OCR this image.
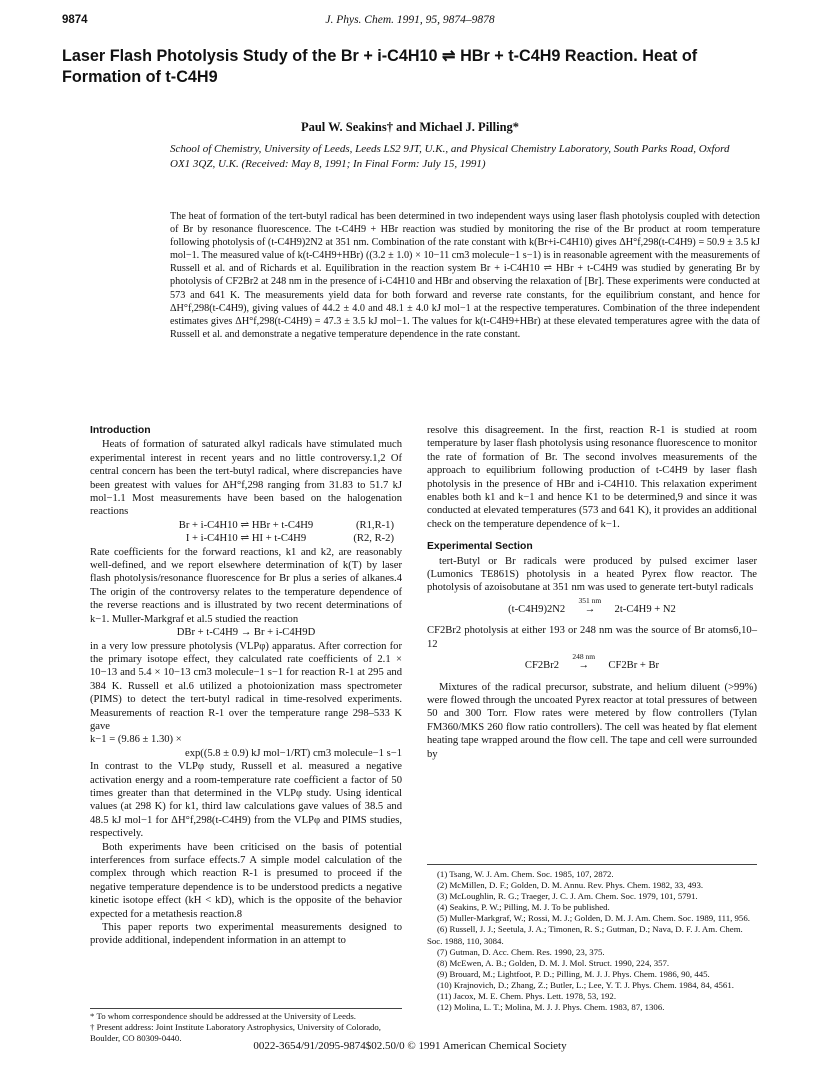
9874	J. Phys. Chem. 1991, 95, 9874–9878
Laser Flash Photolysis Study of the Br + i-C4H10 ⇌ HBr + t-C4H9 Reaction. Heat of Formation of t-C4H9
Paul W. Seakins† and Michael J. Pilling*
School of Chemistry, University of Leeds, Leeds LS2 9JT, U.K., and Physical Chemistry Laboratory, South Parks Road, Oxford OX1 3QZ, U.K. (Received: May 8, 1991; In Final Form: July 15, 1991)
The heat of formation of the tert-butyl radical has been determined in two independent ways using laser flash photolysis coupled with detection of Br by resonance fluorescence. The t-C4H9 + HBr reaction was studied by monitoring the rise of the Br product at room temperature following photolysis of (t-C4H9)2N2 at 351 nm. Combination of the rate constant with k(Br+i-C4H10) gives ΔH°f,298(t-C4H9) = 50.9 ± 3.5 kJ mol−1. The measured value of k(t-C4H9+HBr) ((3.2 ± 1.0) × 10−11 cm3 molecule−1 s−1) is in reasonable agreement with the measurements of Russell et al. and of Richards et al. Equilibration in the reaction system Br + i-C4H10 ⇌ HBr + t-C4H9 was studied by generating Br by photolysis of CF2Br2 at 248 nm in the presence of i-C4H10 and HBr and observing the relaxation of [Br]. These experiments were conducted at 573 and 641 K. The measurements yield data for both forward and reverse rate constants, for the equilibrium constant, and hence for ΔH°f,298(t-C4H9), giving values of 44.2 ± 4.0 and 48.1 ± 4.0 kJ mol−1 at the respective temperatures. Combination of the three independent estimates gives ΔH°f,298(t-C4H9) = 47.3 ± 3.5 kJ mol−1. The values for k(t-C4H9+HBr) at these elevated temperatures agree with the data of Russell et al. and demonstrate a negative temperature dependence in the rate constant.
Introduction

Heats of formation of saturated alkyl radicals have stimulated much experimental interest in recent years and no little controversy.1,2 Of central concern has been the tert-butyl radical, where discrepancies have been greatest with values for ΔH°f,298 ranging from 31.83 to 51.7 kJ mol−1.1 Most measurements have been based on the halogenation reactions

Br + i-C4H10 ⇌ HBr + t-C4H9	(R1,R-1)
I + i-C4H10 ⇌ HI + t-C4H9	(R2, R-2)

Rate coefficients for the forward reactions, k1 and k2, are reasonably well-defined, and we report elsewhere determination of k(T) by laser flash photolysis/resonance fluorescence for Br plus a series of alkanes.4 The origin of the controversy relates to the temperature dependence of the reverse reactions and is illustrated by two recent determinations of k−1. Muller-Markgraf et al.5 studied the reaction

DBr + t-C4H9 → Br + i-C4H9D

in a very low pressure photolysis (VLPφ) apparatus. After correction for the primary isotope effect, they calculated rate coefficients of 2.1 × 10−13 and 5.4 × 10−13 cm3 molecule−1 s−1 for reaction R-1 at 295 and 384 K. Russell et al.6 utilized a photoionization mass spectrometer (PIMS) to detect the tert-butyl radical in time-resolved experiments. Measurements of reaction R-1 over the temperature range 298–533 K gave

k−1 = (9.86 ± 1.30) ×
exp((5.8 ± 0.9) kJ mol−1/RT) cm3 molecule−1 s−1

In contrast to the VLPφ study, Russell et al. measured a negative activation energy and a room-temperature rate coefficient a factor of 50 times greater than that determined in the VLPφ study. Using identical values (at 298 K) for k1, third law calculations gave values of 38.5 and 48.5 kJ mol−1 for ΔH°f,298(t-C4H9) from the VLPφ and PIMS studies, respectively.

Both experiments have been criticised on the basis of potential interferences from surface effects.7 A simple model calculation of the complex through which reaction R-1 is presumed to proceed if the negative temperature dependence is to be understood predicts a negative kinetic isotope effect (kH < kD), which is the opposite of the behavior expected for a metathesis reaction.8

This paper reports two experimental measurements designed to provide additional, independent information in an attempt to

resolve this disagreement. In the first, reaction R-1 is studied at room temperature by laser flash photolysis using resonance fluorescence to monitor the rate of formation of Br. The second involves measurements of the approach to equilibrium following production of t-C4H9 by laser flash photolysis in the presence of HBr and i-C4H10. This relaxation experiment enables both k1 and k−1 and hence K1 to be determined,9 and since it was conducted at elevated temperatures (573 and 641 K), it provides an additional check on the temperature dependence of k−1.

Experimental Section

tert-Butyl or Br radicals were produced by pulsed excimer laser (Lumonics TE861S) photolysis in a heated Pyrex flow reactor. The photolysis of azoisobutane at 351 nm was used to generate tert-butyl radicals

(t-C4H9)2N2
351 nm
→ 2t-C4H9 + N2

CF2Br2 photolysis at either 193 or 248 nm was the source of Br atoms6,10–12

CF2Br2
248 nm
→ CF2Br + Br

Mixtures of the radical precursor, substrate, and helium diluent (>99%) were flowed through the uncoated Pyrex reactor at total pressures of between 50 and 300 Torr. Flow rates were metered by flow controllers (Tylan FM360/MKS 260 flow ratio controllers). The cell was heated by flat element heating tape wrapped around the flow cell. The tape and cell were surrounded by

(1) Tsang, W. J. Am. Chem. Soc. 1985, 107, 2872.
(2) McMillen, D. F.; Golden, D. M. Annu. Rev. Phys. Chem. 1982, 33, 493.
(3) McLoughlin, R. G.; Traeger, J. C. J. Am. Chem. Soc. 1979, 101, 5791.
(4) Seakins, P. W.; Pilling, M. J. To be published.
(5) Muller-Markgraf, W.; Rossi, M. J.; Golden, D. M. J. Am. Chem. Soc. 1989, 111, 956.
(6) Russell, J. J.; Seetula, J. A.; Timonen, R. S.; Gutman, D.; Nava, D. F. J. Am. Chem. Soc. 1988, 110, 3084.
(7) Gutman, D. Acc. Chem. Res. 1990, 23, 375.
(8) McEwen, A. B.; Golden, D. M. J. Mol. Struct. 1990, 224, 357.
(9) Brouard, M.; Lightfoot, P. D.; Pilling, M. J. J. Phys. Chem. 1986, 90, 445.
(10) Krajnovich, D.; Zhang, Z.; Butler, L.; Lee, Y. T. J. Phys. Chem. 1984, 84, 4561.
(11) Jacox, M. E. Chem. Phys. Lett. 1978, 53, 192.
(12) Molina, L. T.; Molina, M. J. J. Phys. Chem. 1983, 87, 1306.
* To whom correspondence should be addressed at the University of Leeds.
† Present address: Joint Institute Laboratory Astrophysics, University of Colorado, Boulder, CO 80309-0440.
0022-3654/91/2095-9874$02.50/0 © 1991 American Chemical Society
